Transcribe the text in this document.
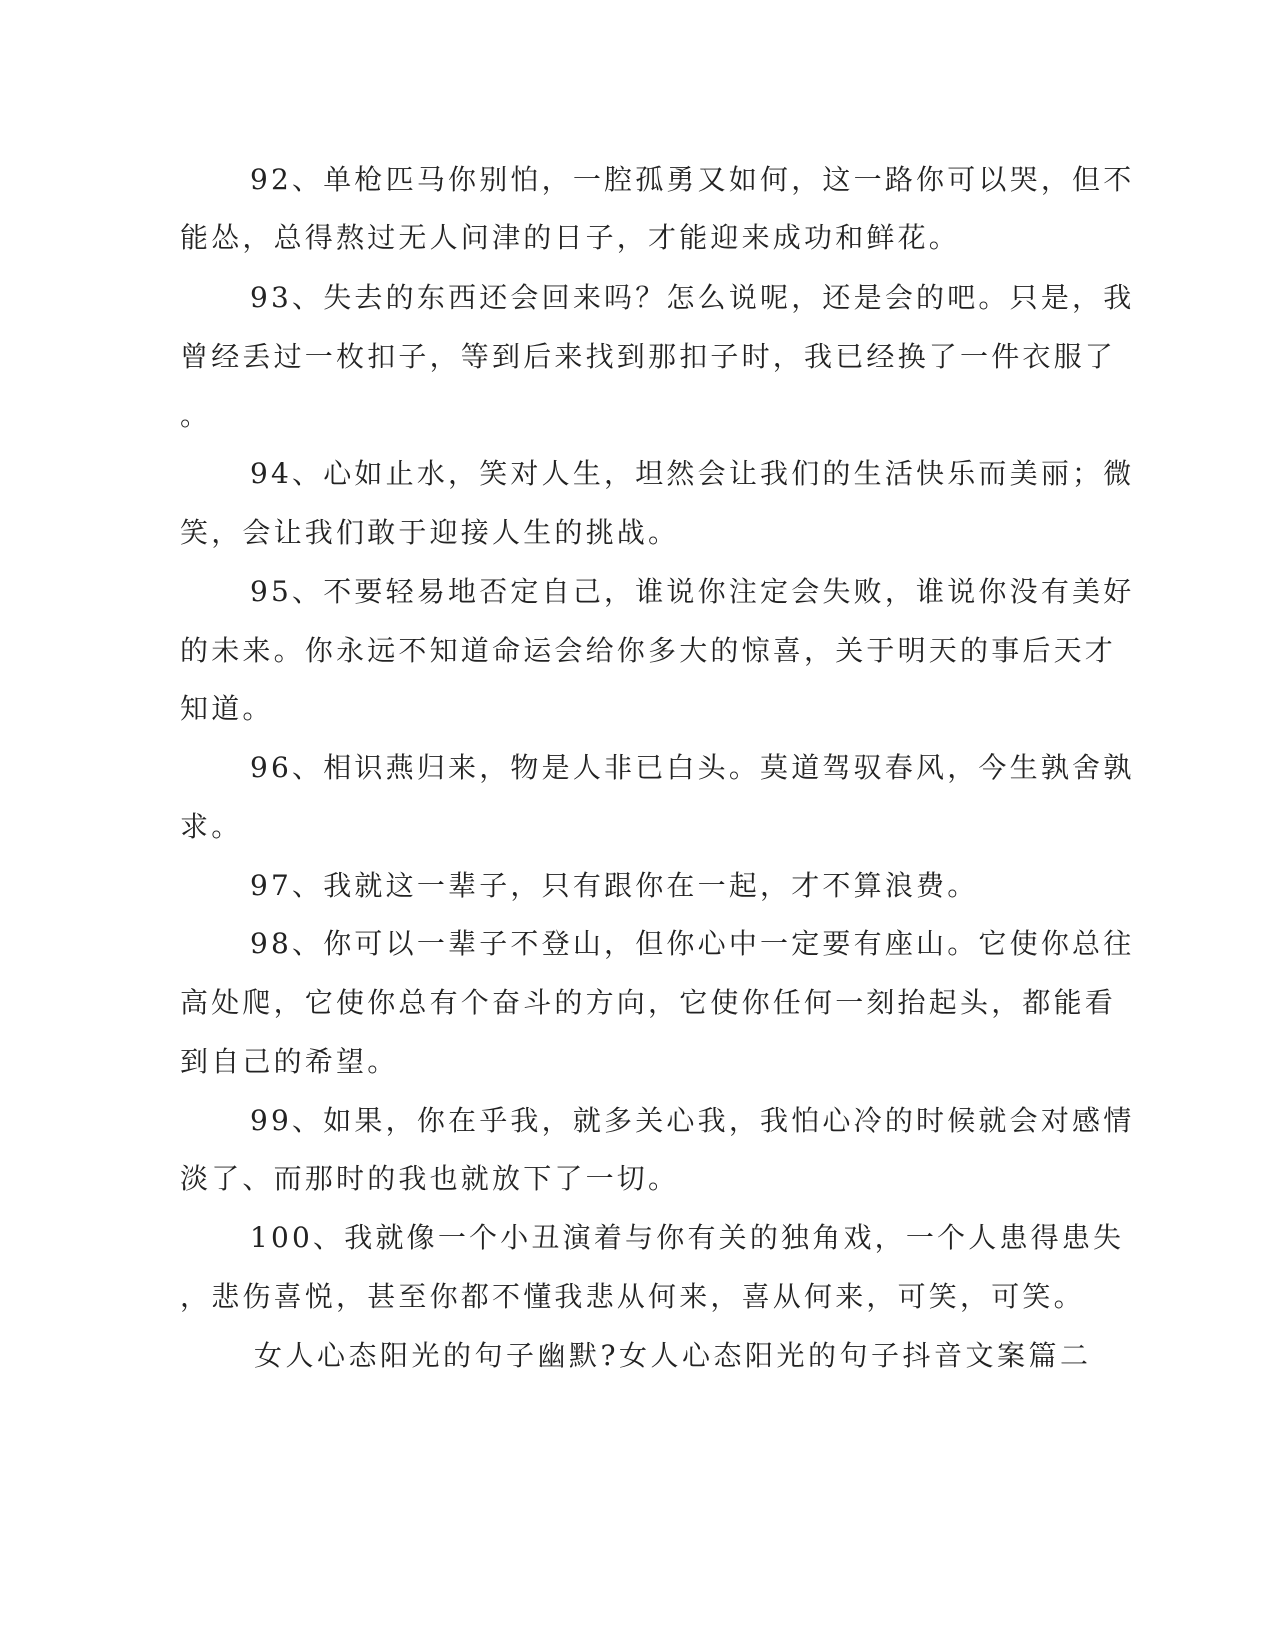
92、单枪匹马你别怕，一腔孤勇又如何，这一路你可以哭，但不
能怂，总得熬过无人问津的日子，才能迎来成功和鲜花。
93、失去的东西还会回来吗？怎么说呢，还是会的吧。只是，我
曾经丢过一枚扣子，等到后来找到那扣子时，我已经换了一件衣服了
。
94、心如止水，笑对人生，坦然会让我们的生活快乐而美丽；微
笑，会让我们敢于迎接人生的挑战。
95、不要轻易地否定自己，谁说你注定会失败，谁说你没有美好
的未来。你永远不知道命运会给你多大的惊喜，关于明天的事后天才
知道。
96、相识燕归来，物是人非已白头。莫道驾驭春风，今生孰舍孰
求。
97、我就这一辈子，只有跟你在一起，才不算浪费。
98、你可以一辈子不登山，但你心中一定要有座山。它使你总往
高处爬，它使你总有个奋斗的方向，它使你任何一刻抬起头，都能看
到自己的希望。
99、如果，你在乎我，就多关心我，我怕心冷的时候就会对感情
淡了、而那时的我也就放下了一切。
100、我就像一个小丑演着与你有关的独角戏，一个人患得患失
，悲伤喜悦，甚至你都不懂我悲从何来，喜从何来，可笑，可笑。
女人心态阳光的句子幽默?女人心态阳光的句子抖音文案篇二
